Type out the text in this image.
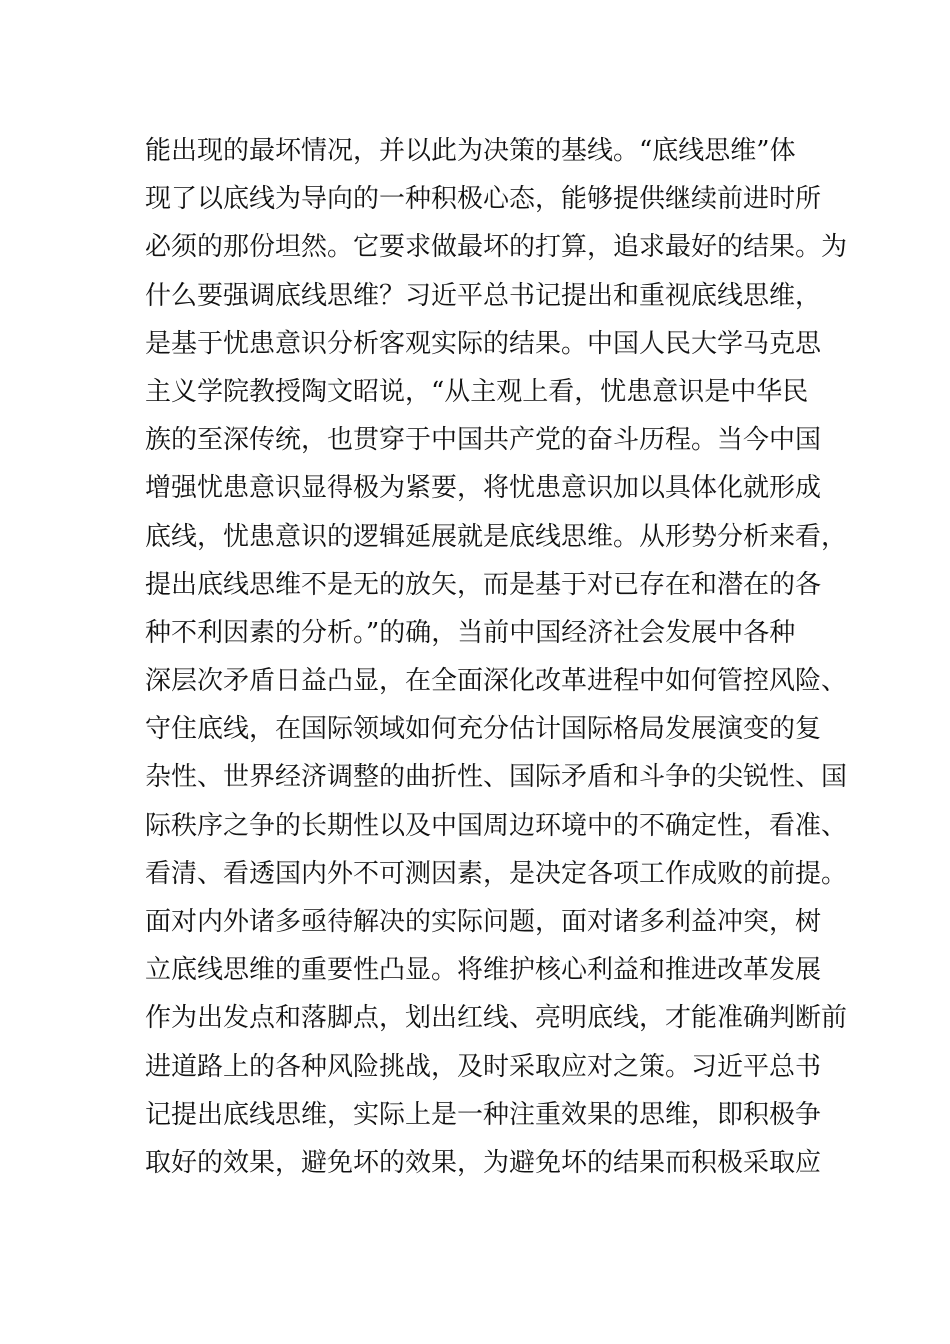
能出现的最坏情况，并以此为决策的基线。“底线思维”体
现了以底线为导向的一种积极心态，能够提供继续前进时所
必须的那份坦然。它要求做最坏的打算，追求最好的结果。为
什么要强调底线思维？习近平总书记提出和重视底线思维，
是基于忧患意识分析客观实际的结果。中国人民大学马克思
主义学院教授陶文昭说，“从主观上看，忧患意识是中华民
族的至深传统，也贯穿于中国共产党的奋斗历程。当今中国
增强忧患意识显得极为紧要，将忧患意识加以具体化就形成
底线，忧患意识的逻辑延展就是底线思维。从形势分析来看，
提出底线思维不是无的放矢，而是基于对已存在和潜在的各
种不利因素的分析。”的确，当前中国经济社会发展中各种
深层次矛盾日益凸显，在全面深化改革进程中如何管控风险、
守住底线，在国际领域如何充分估计国际格局发展演变的复
杂性、世界经济调整的曲折性、国际矛盾和斗争的尖锐性、国
际秩序之争的长期性以及中国周边环境中的不确定性，看准、
看清、看透国内外不可测因素，是决定各项工作成败的前提。
面对内外诸多亟待解决的实际问题，面对诸多利益冲突，树
立底线思维的重要性凸显。将维护核心利益和推进改革发展
作为出发点和落脚点，划出红线、亮明底线，才能准确判断前
进道路上的各种风险挑战，及时采取应对之策。习近平总书
记提出底线思维，实际上是一种注重效果的思维，即积极争
取好的效果，避免坏的效果，为避免坏的结果而积极采取应
